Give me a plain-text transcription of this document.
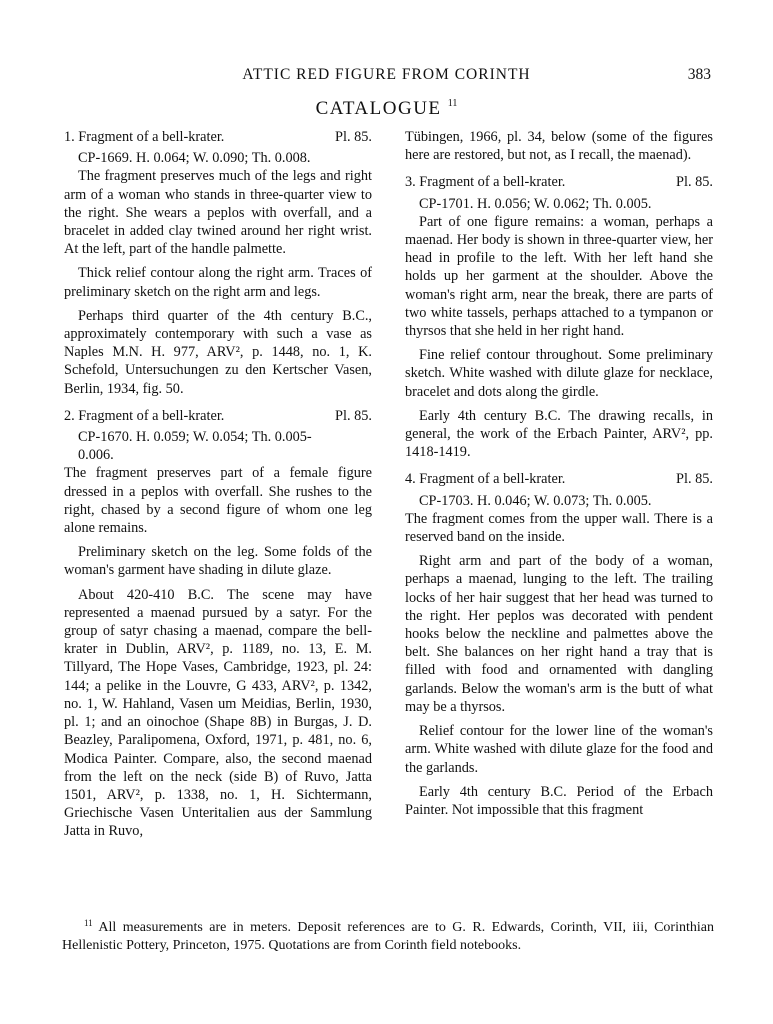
ATTIC RED FIGURE FROM CORINTH	383
CATALOGUE $^{11}$
1. Fragment of a bell-krater.	Pl. 85.

CP-1669. H. 0.064; W. 0.090; Th. 0.008.

The fragment preserves much of the legs and right arm of a woman who stands in three-quarter view to the right. She wears a peplos with overfall, and a bracelet in added clay twined around her right wrist. At the left, part of the handle palmette.

Thick relief contour along the right arm. Traces of preliminary sketch on the right arm and legs.

Perhaps third quarter of the 4th century B.C., approximately contemporary with such a vase as Naples M.N. H. 977, ARV², p. 1448, no. 1, K. Schefold, Untersuchungen zu den Kertscher Vasen, Berlin, 1934, fig. 50.

2. Fragment of a bell-krater.	Pl. 85.

CP-1670. H. 0.059; W. 0.054; Th. 0.005-

0.006.

The fragment preserves part of a female figure dressed in a peplos with overfall. She rushes to the right, chased by a second figure of whom one leg alone remains.

Preliminary sketch on the leg. Some folds of the woman's garment have shading in dilute glaze.

About 420-410 B.C. The scene may have represented a maenad pursued by a satyr. For the group of satyr chasing a maenad, compare the bell-krater in Dublin, ARV², p. 1189, no. 13, E. M. Tillyard, The Hope Vases, Cambridge, 1923, pl. 24: 144; a pelike in the Louvre, G 433, ARV², p. 1342, no. 1, W. Hahland, Vasen um Meidias, Berlin, 1930, pl. 1; and an oinochoe (Shape 8B) in Burgas, J. D. Beazley, Paralipomena, Oxford, 1971, p. 481, no. 6, Modica Painter. Compare, also, the second maenad from the left on the neck (side B) of Ruvo, Jatta 1501, ARV², p. 1338, no. 1, H. Sichtermann, Griechische Vasen Unteritalien aus der Sammlung Jatta in Ruvo,

Tübingen, 1966, pl. 34, below (some of the figures here are restored, but not, as I recall, the maenad).

3. Fragment of a bell-krater.	Pl. 85.

CP-1701. H. 0.056; W. 0.062; Th. 0.005.

Part of one figure remains: a woman, perhaps a maenad. Her body is shown in three-quarter view, her head in profile to the left. With her left hand she holds up her garment at the shoulder. Above the woman's right arm, near the break, there are parts of two white tassels, perhaps attached to a tympanon or thyrsos that she held in her right hand.

Fine relief contour throughout. Some preliminary sketch. White washed with dilute glaze for necklace, bracelet and dots along the girdle.

Early 4th century B.C. The drawing recalls, in general, the work of the Erbach Painter, ARV², pp. 1418-1419.

4. Fragment of a bell-krater.	Pl. 85.

CP-1703. H. 0.046; W. 0.073; Th. 0.005.

The fragment comes from the upper wall. There is a reserved band on the inside.

Right arm and part of the body of a woman, perhaps a maenad, lunging to the left. The trailing locks of her hair suggest that her head was turned to the right. Her peplos was decorated with pendent hooks below the neckline and palmettes above the belt. She balances on her right hand a tray that is filled with food and ornamented with dangling garlands. Below the woman's arm is the butt of what may be a thyrsos.

Relief contour for the lower line of the woman's arm. White washed with dilute glaze for the food and the garlands.

Early 4th century B.C. Period of the Erbach Painter. Not impossible that this fragment

$^{11}$ All measurements are in meters. Deposit references are to G. R. Edwards, Corinth, VII, iii, Corinthian Hellenistic Pottery, Princeton, 1975. Quotations are from Corinth field notebooks.
